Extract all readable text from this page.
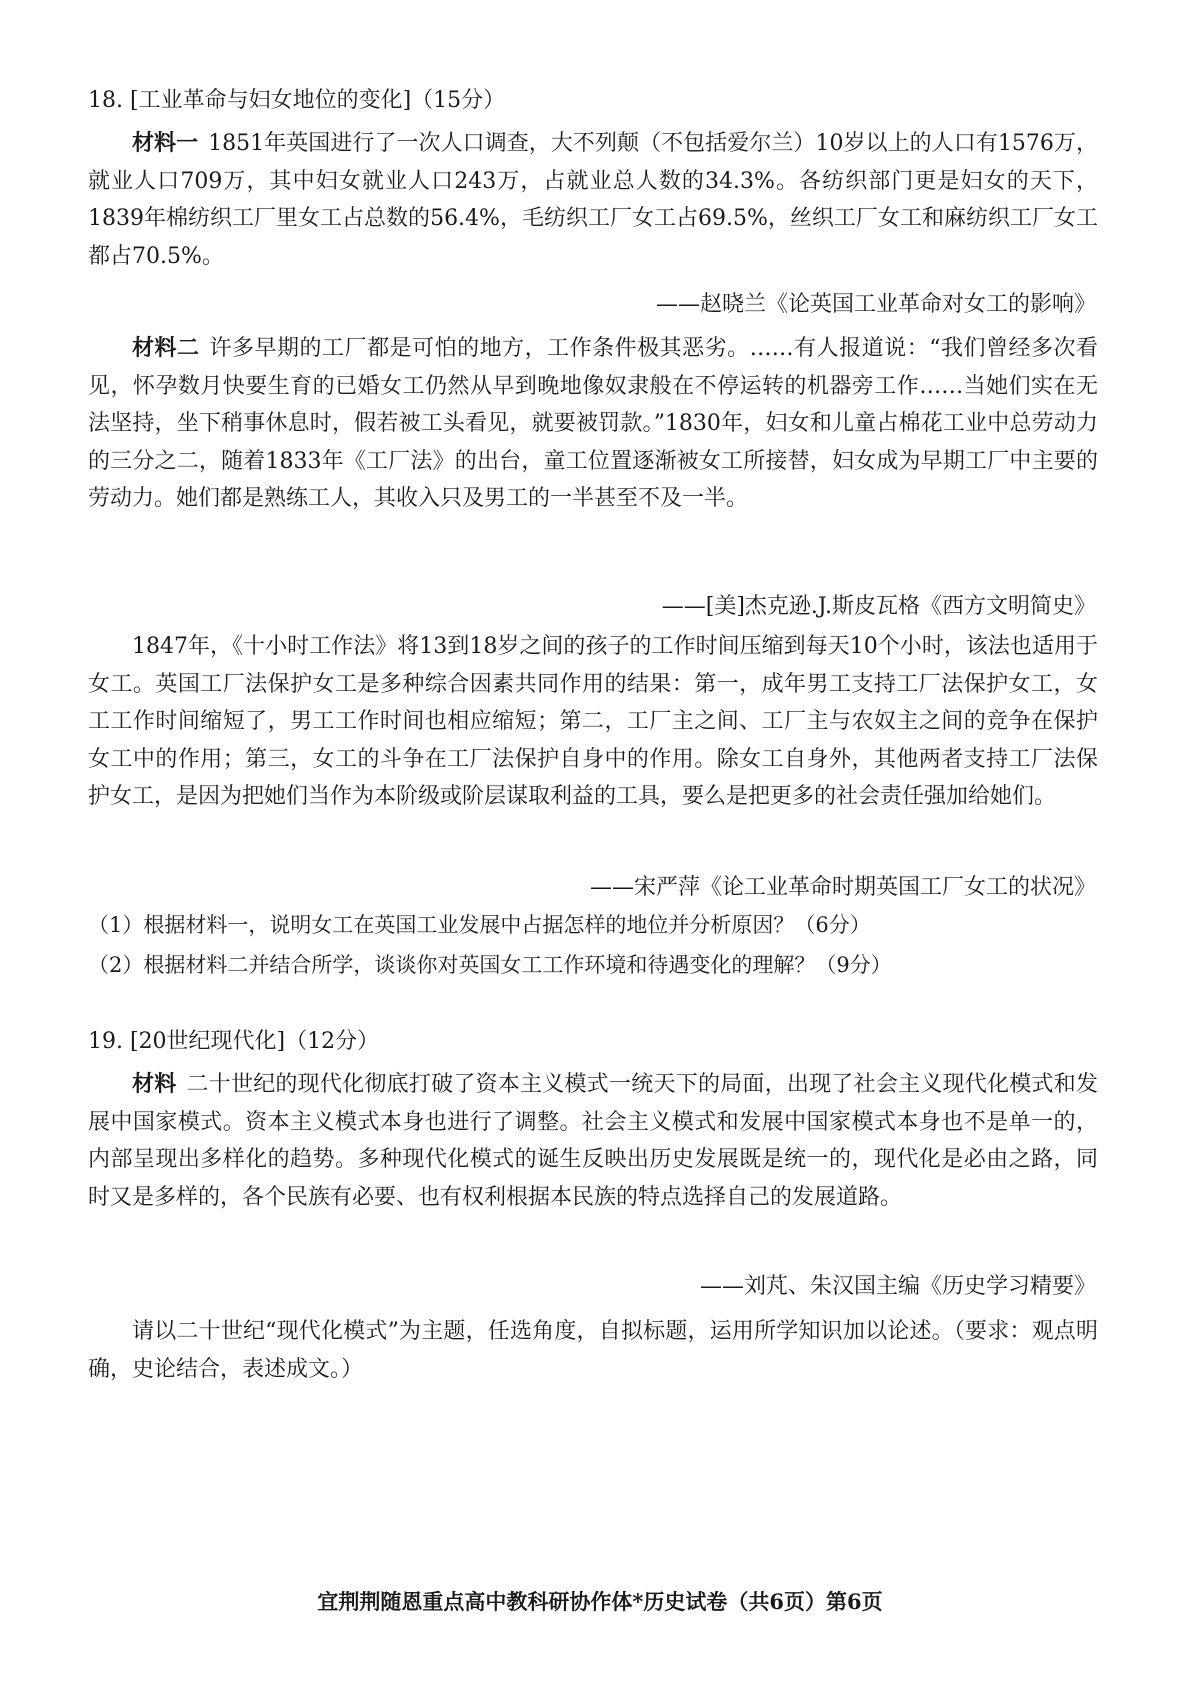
18. [工业革命与妇女地位的变化]（15分）
材料一 1851年英国进行了一次人口调查，大不列颠（不包括爱尔兰）10岁以上的人口有1576万，就业人口709万，其中妇女就业人口243万，占就业总人数的34.3%。各纺织部门更是妇女的天下，1839年棉纺织工厂里女工占总数的56.4%，毛纺织工厂女工占69.5%，丝织工厂女工和麻纺织工厂女工都占70.5%。
——赵晓兰《论英国工业革命对女工的影响》
材料二 许多早期的工厂都是可怕的地方，工作条件极其恶劣。……有人报道说：“我们曾经多次看见，怀孕数月快要生育的已婚女工仍然从早到晚地像奴隶般在不停运转的机器旁工作……当她们实在无法坚持，坐下稍事休息时，假若被工头看见，就要被罚款。”1830年，妇女和儿童占棉花工业中总劳动力的三分之二，随着1833年《工厂法》的出台，童工位置逐渐被女工所接替，妇女成为早期工厂中主要的劳动力。她们都是熟练工人，其收入只及男工的一半甚至不及一半。
——[美]杰克逊.J.斯皮瓦格《西方文明简史》
1847年，《十小时工作法》将13到18岁之间的孩子的工作时间压缩到每天10个小时，该法也适用于女工。英国工厂法保护女工是多种综合因素共同作用的结果：第一，成年男工支持工厂法保护女工，女工工作时间缩短了，男工工作时间也相应缩短；第二，工厂主之间、工厂主与农奴主之间的竞争在保护女工中的作用；第三，女工的斗争在工厂法保护自身中的作用。除女工自身外，其他两者支持工厂法保护女工，是因为把她们当作为本阶级或阶层谋取利益的工具，要么是把更多的社会责任强加给她们。
——宋严萍《论工业革命时期英国工厂女工的状况》
（1）根据材料一，说明女工在英国工业发展中占据怎样的地位并分析原因？（6分）
（2）根据材料二并结合所学，谈谈你对英国女工工作环境和待遇变化的理解？（9分）
19. [20世纪现代化]（12分）
材料 二十世纪的现代化彻底打破了资本主义模式一统天下的局面，出现了社会主义现代化模式和发展中国家模式。资本主义模式本身也进行了调整。社会主义模式和发展中国家模式本身也不是单一的，内部呈现出多样化的趋势。多种现代化模式的诞生反映出历史发展既是统一的，现代化是必由之路，同时又是多样的，各个民族有必要、也有权利根据本民族的特点选择自己的发展道路。
——刘芃、朱汉国主编《历史学习精要》
请以二十世纪“现代化模式”为主题，任选角度，自拟标题，运用所学知识加以论述。（要求：观点明确，史论结合，表述成文。）
宜荆荆随恩重点高中教科研协作体*历史试卷（共6页）第6页
